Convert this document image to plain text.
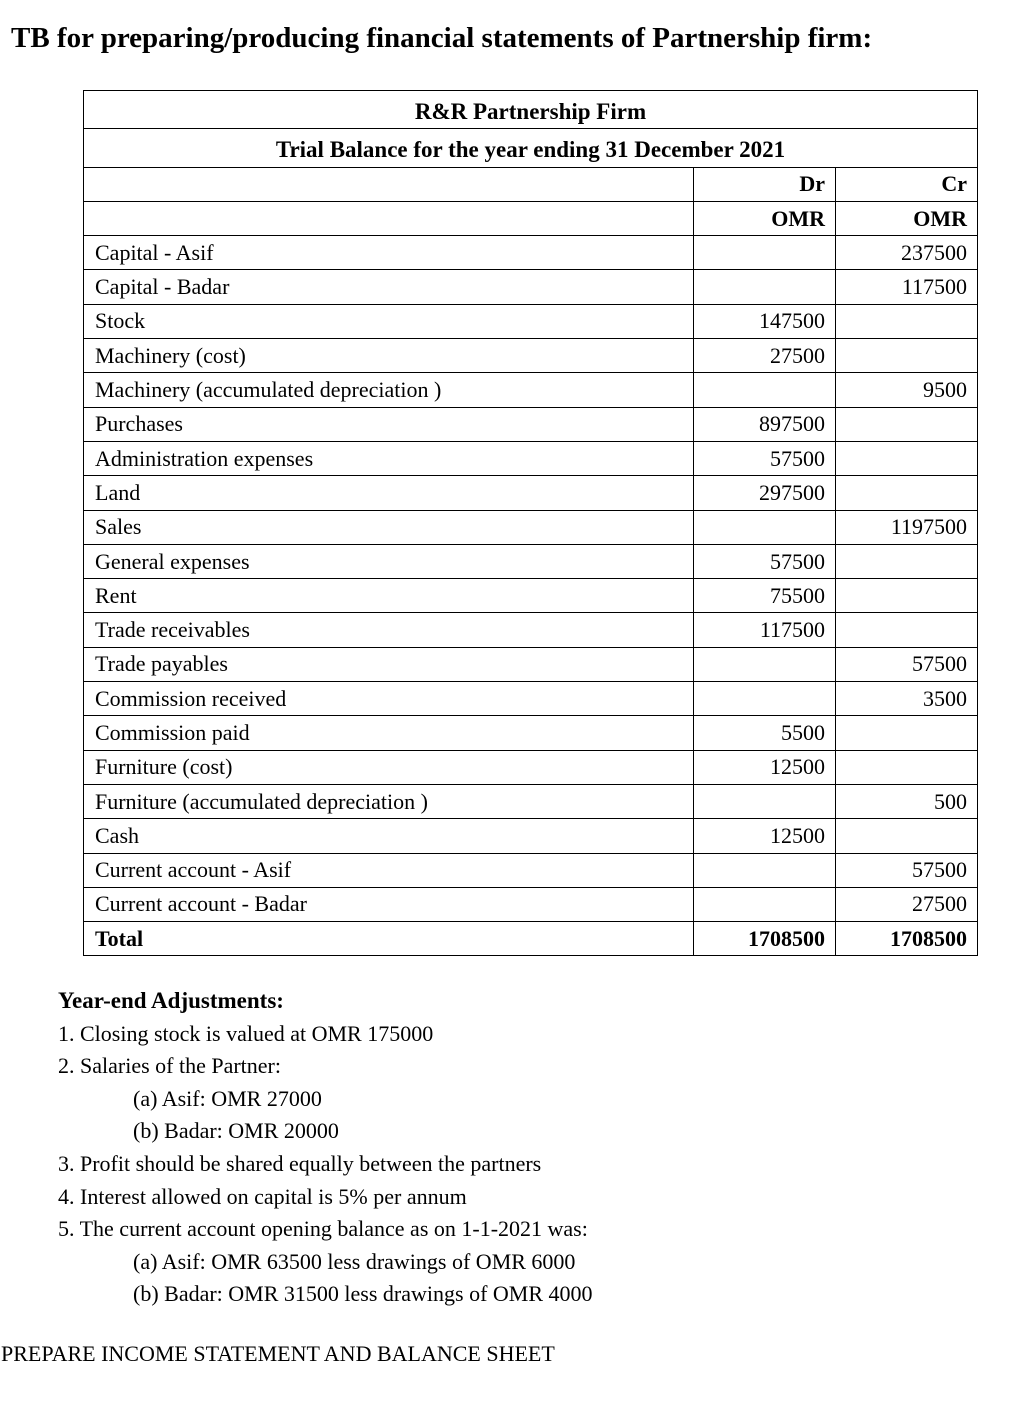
TB for preparing/producing financial statements of Partnership firm:
R&R Partnership Firm		
Trial Balance for the year ending 31 December 2021		
	Dr	Cr
	OMR	OMR
Capital - Asif		237500
Capital - Badar		117500
Stock	147500	
Machinery (cost)	27500	
Machinery (accumulated depreciation )		9500
Purchases	897500	
Administration expenses	57500	
Land	297500	
Sales		1197500
General expenses	57500	
Rent	75500	
Trade receivables	117500	
Trade payables		57500
Commission received		3500
Commission paid	5500	
Furniture (cost)	12500	
Furniture (accumulated depreciation )		500
Cash	12500	
Current account - Asif		57500
Current account - Badar		27500
Total	1708500	1708500
Year-end Adjustments:
1. Closing stock is valued at OMR 175000
2. Salaries of the Partner:
(a) Asif: OMR 27000
(b) Badar: OMR 20000
3. Profit should be shared equally between the partners
4. Interest allowed on capital is 5% per annum
5. The current account opening balance as on 1-1-2021 was:
(a) Asif: OMR 63500 less drawings of OMR 6000
(b) Badar: OMR 31500 less drawings of OMR 4000
PREPARE INCOME STATEMENT AND BALANCE SHEET
